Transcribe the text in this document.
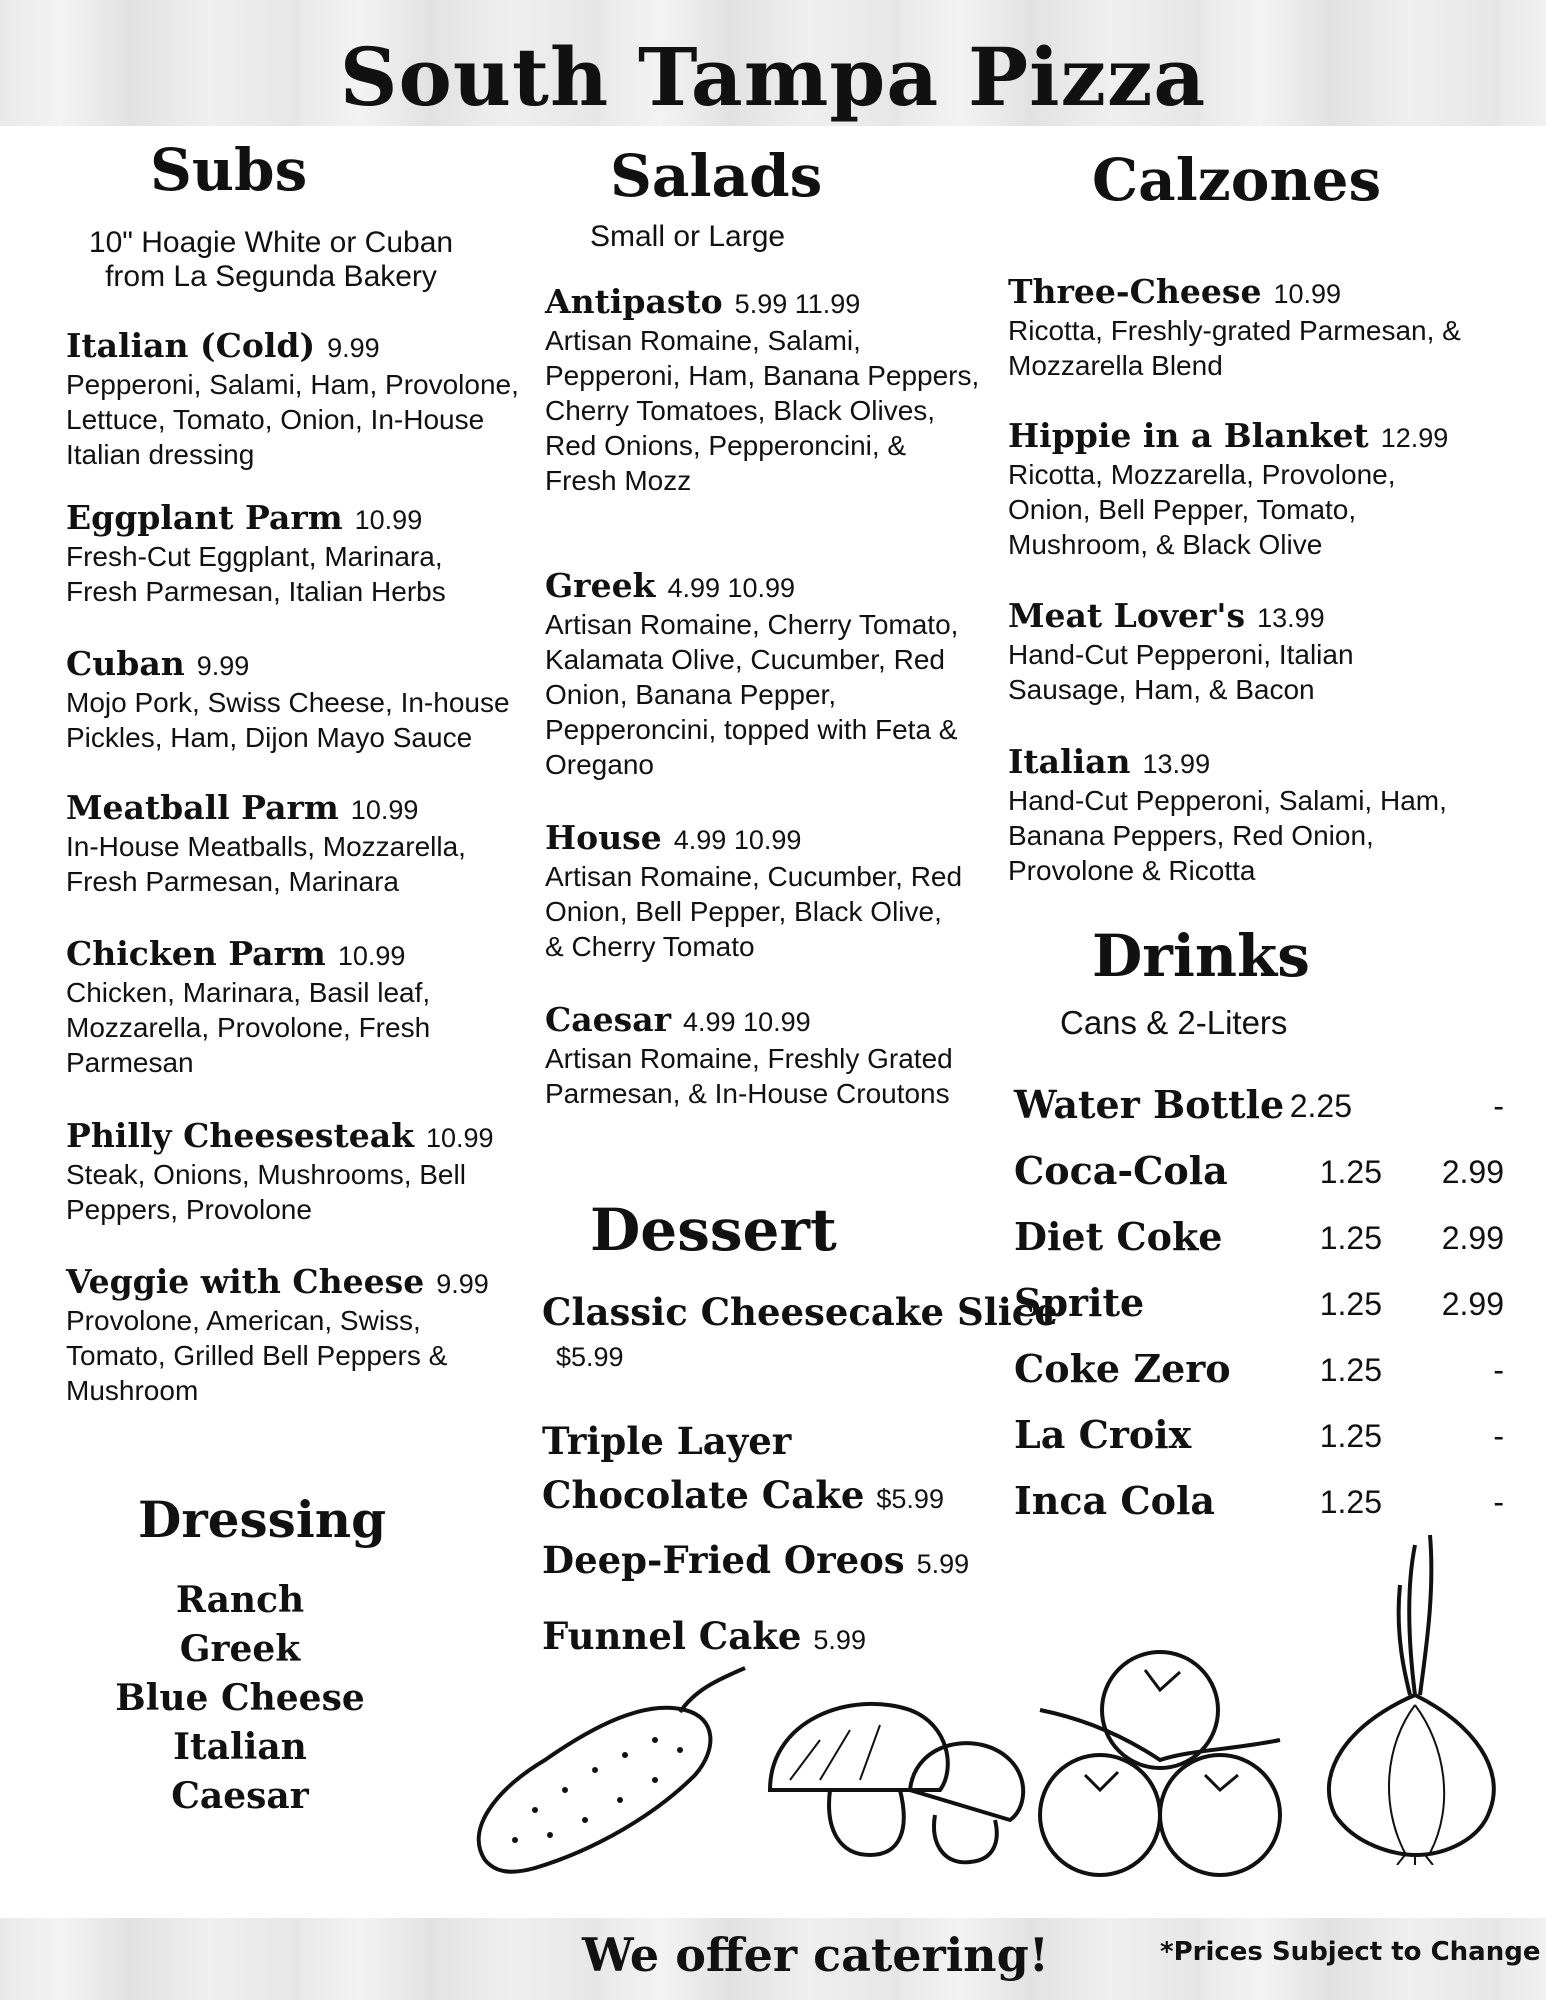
South Tampa Pizza
Subs
10" Hoagie White or Cuban from La Segunda Bakery
Italian (Cold) 9.99
Pepperoni, Salami, Ham, Provolone, Lettuce, Tomato, Onion, In-House Italian dressing
Eggplant Parm 10.99
Fresh-Cut Eggplant, Marinara, Fresh Parmesan, Italian Herbs
Cuban 9.99
Mojo Pork, Swiss Cheese, In-house Pickles, Ham, Dijon Mayo Sauce
Meatball Parm 10.99
In-House Meatballs, Mozzarella, Fresh Parmesan, Marinara
Chicken Parm 10.99
Chicken, Marinara, Basil leaf, Mozzarella, Provolone, Fresh Parmesan
Philly Cheesesteak 10.99
Steak, Onions, Mushrooms, Bell Peppers, Provolone
Veggie with Cheese 9.99
Provolone, American, Swiss, Tomato, Grilled Bell Peppers & Mushroom
Dressing
Ranch
Greek
Blue Cheese
Italian
Caesar
Salads
Small or Large
Antipasto 5.99 11.99
Artisan Romaine, Salami, Pepperoni, Ham, Banana Peppers, Cherry Tomatoes, Black Olives, Red Onions, Pepperoncini, & Fresh Mozz
Greek 4.99 10.99
Artisan Romaine, Cherry Tomato, Kalamata Olive, Cucumber, Red Onion, Banana Pepper, Pepperoncini, topped with Feta & Oregano
House 4.99 10.99
Artisan Romaine, Cucumber, Red Onion, Bell Pepper, Black Olive, & Cherry Tomato
Caesar 4.99 10.99
Artisan Romaine, Freshly Grated Parmesan, & In-House Croutons
Dessert
Classic Cheesecake Slice
$5.99
Triple Layer Chocolate Cake $5.99
Deep-Fried Oreos 5.99
Funnel Cake 5.99
Calzones
Three-Cheese 10.99
Ricotta, Freshly-grated Parmesan, & Mozzarella Blend
Hippie in a Blanket 12.99
Ricotta, Mozzarella, Provolone, Onion, Bell Pepper, Tomato, Mushroom, & Black Olive
Meat Lover's 13.99
Hand-Cut Pepperoni, Italian Sausage, Ham, & Bacon
Italian 13.99
Hand-Cut Pepperoni, Salami, Ham, Banana Peppers, Red Onion, Provolone & Ricotta
Drinks
Cans & 2-Liters
Water Bottle 2.25	-
Coca-Cola	1.25	2.99
Diet Coke	1.25	2.99
Sprite	1.25	2.99
Coke Zero	1.25	-
La Croix	1.25	-
Inca Cola	1.25	-
We offer catering!	*Prices Subject to Change
